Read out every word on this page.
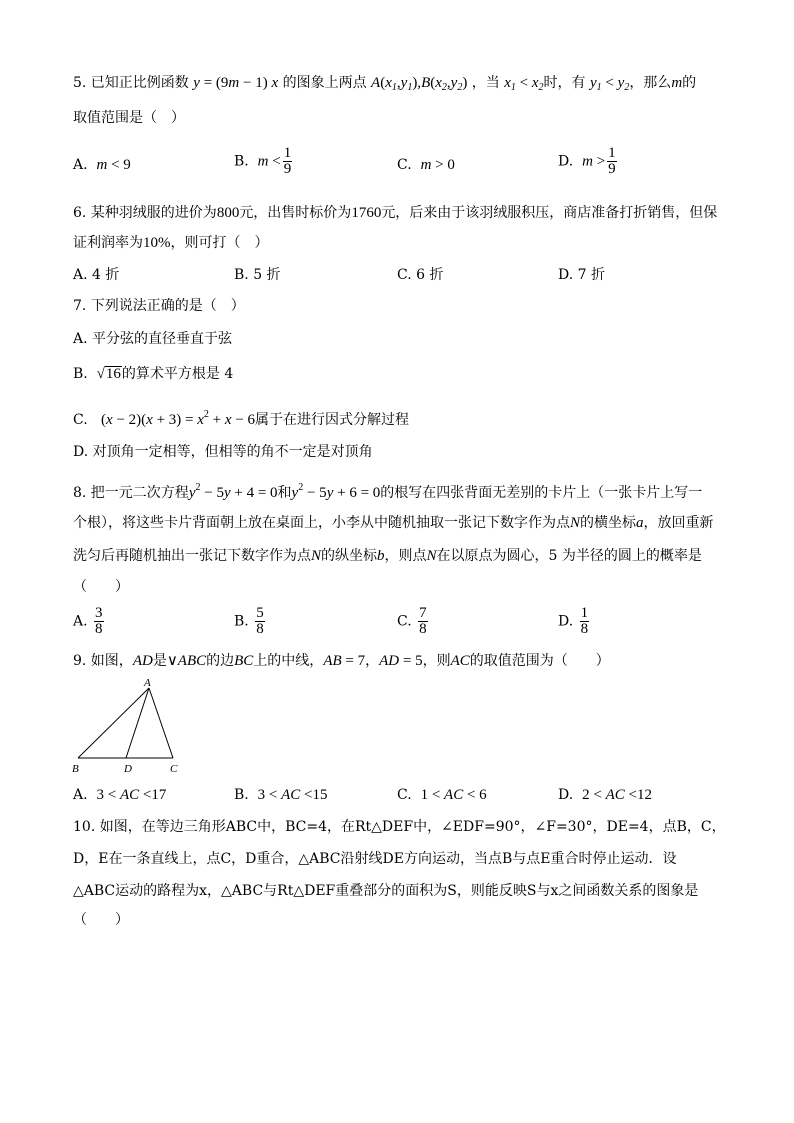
5. 已知正比例函数 y = (9m − 1) x 的图象上两点 $A(x_1,y_1),B(x_2,y_2)$ ，当 $x_1 < x_2$时，有 $y_1 < y_2$，那么m的
取值范围是（　）
A. m < 9	B. $m < \frac{1}{9}$	C. m > 0	D. $m > \frac{1}{9}$
6. 某种羽绒服的进价为800元，出售时标价为1760元，后来由于该羽绒服积压，商店准备打折销售，但保
证利润率为10%，则可打（　）
A. 4 折	B. 5 折	C. 6 折	D. 7 折
7. 下列说法正确的是（　）
A. 平分弦的直径垂直于弦
B. √16的算术平方根是 4
C. $(x - 2)(x + 3) = x^2 + x - 6$属于在进行因式分解过程
D. 对顶角一定相等，但相等的角不一定是对顶角
8. 把一元二次方程$y^2 - 5y + 4 = 0$和$y^2 - 5y + 6 = 0$的根写在四张背面无差别的卡片上（一张卡片上写一
个根），将这些卡片背面朝上放在桌面上，小李从中随机抽取一张记下数字作为点N的横坐标a，放回重新
洗匀后再随机抽出一张记下数字作为点N的纵坐标b，则点N在以原点为圆心，5 为半径的圆上的概率是
（　　）
A. $\frac{3}{8}$	B. $\frac{5}{8}$	C. $\frac{7}{8}$	D. $\frac{1}{8}$
9. 如图，AD是∨ABC的边BC上的中线，AB = 7，AD = 5，则AC的取值范围为（　　）
A
B	D	C
A. 3 < AC <17	B. 3 < AC <15	C. 1 < AC < 6	D. 2 < AC <12
10. 如图，在等边三角形ABC中，BC=4，在Rt△DEF中，∠EDF=90°，∠F=30°，DE=4，点B，C，
D，E在一条直线上，点C，D重合，△ABC沿射线DE方向运动，当点B与点E重合时停止运动．设
△ABC运动的路程为x，△ABC与Rt△DEF重叠部分的面积为S，则能反映S与x之间函数关系的图象是
（　　）
